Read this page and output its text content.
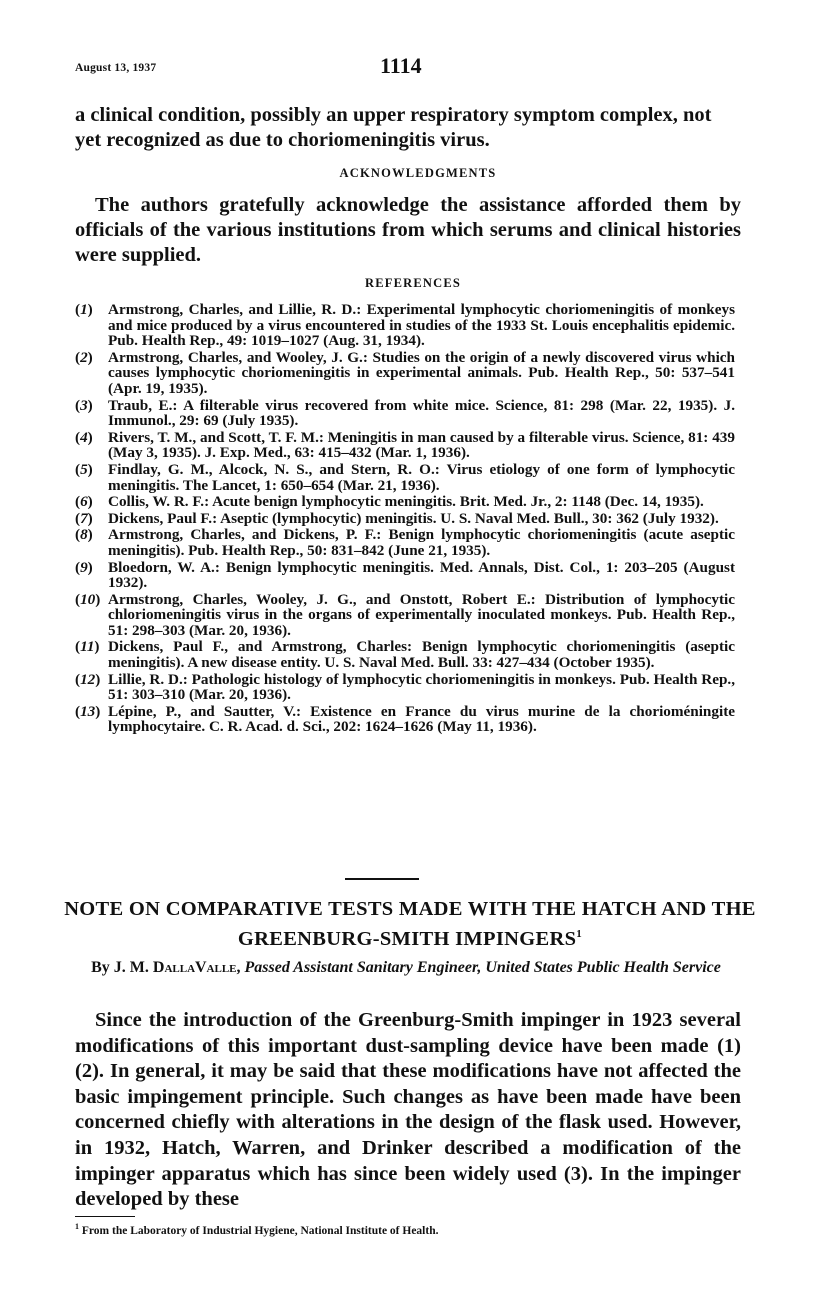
August 13, 1937	1114

a clinical condition, possibly an upper respiratory symptom complex, not yet recognized as due to choriomeningitis virus.

ACKNOWLEDGMENTS

The authors gratefully acknowledge the assistance afforded them by officials of the various institutions from which serums and clinical histories were supplied.

REFERENCES
(1) Armstrong, Charles, and Lillie, R. D.: Experimental lymphocytic choriomeningitis of monkeys and mice produced by a virus encountered in studies of the 1933 St. Louis encephalitis epidemic. Pub. Health Rep., 49: 1019–1027 (Aug. 31, 1934).
(2) Armstrong, Charles, and Wooley, J. G.: Studies on the origin of a newly discovered virus which causes lymphocytic choriomeningitis in experimental animals. Pub. Health Rep., 50: 537–541 (Apr. 19, 1935).
(3) Traub, E.: A filterable virus recovered from white mice. Science, 81: 298 (Mar. 22, 1935). J. Immunol., 29: 69 (July 1935).
(4) Rivers, T. M., and Scott, T. F. M.: Meningitis in man caused by a filterable virus. Science, 81: 439 (May 3, 1935). J. Exp. Med., 63: 415–432 (Mar. 1, 1936).
(5) Findlay, G. M., Alcock, N. S., and Stern, R. O.: Virus etiology of one form of lymphocytic meningitis. The Lancet, 1: 650–654 (Mar. 21, 1936).
(6) Collis, W. R. F.: Acute benign lymphocytic meningitis. Brit. Med. Jr., 2: 1148 (Dec. 14, 1935).
(7) Dickens, Paul F.: Aseptic (lymphocytic) meningitis. U. S. Naval Med. Bull., 30: 362 (July 1932).
(8) Armstrong, Charles, and Dickens, P. F.: Benign lymphocytic choriomeningitis (acute aseptic meningitis). Pub. Health Rep., 50: 831–842 (June 21, 1935).
(9) Bloedorn, W. A.: Benign lymphocytic meningitis. Med. Annals, Dist. Col., 1: 203–205 (August 1932).
(10) Armstrong, Charles, Wooley, J. G., and Onstott, Robert E.: Distribution of lymphocytic chloriomeningitis virus in the organs of experimentally inoculated monkeys. Pub. Health Rep., 51: 298–303 (Mar. 20, 1936).
(11) Dickens, Paul F., and Armstrong, Charles: Benign lymphocytic choriomeningitis (aseptic meningitis). A new disease entity. U. S. Naval Med. Bull. 33: 427–434 (October 1935).
(12) Lillie, R. D.: Pathologic histology of lymphocytic choriomeningitis in monkeys. Pub. Health Rep., 51: 303–310 (Mar. 20, 1936).
(13) Lépine, P., and Sautter, V.: Existence en France du virus murine de la chorioméningite lymphocytaire. C. R. Acad. d. Sci., 202: 1624–1626 (May 11, 1936).
NOTE ON COMPARATIVE TESTS MADE WITH THE HATCH AND THE GREENBURG-SMITH IMPINGERS$^1$
By J. M. DallaValle, Passed Assistant Sanitary Engineer, United States Public Health Service

Since the introduction of the Greenburg-Smith impinger in 1923 several modifications of this important dust-sampling device have been made (1) (2). In general, it may be said that these modifications have not affected the basic impingement principle. Such changes as have been made have been concerned chiefly with alterations in the design of the flask used. However, in 1932, Hatch, Warren, and Drinker described a modification of the impinger apparatus which has since been widely used (3). In the impinger developed by these

$^1$ From the Laboratory of Industrial Hygiene, National Institute of Health.
